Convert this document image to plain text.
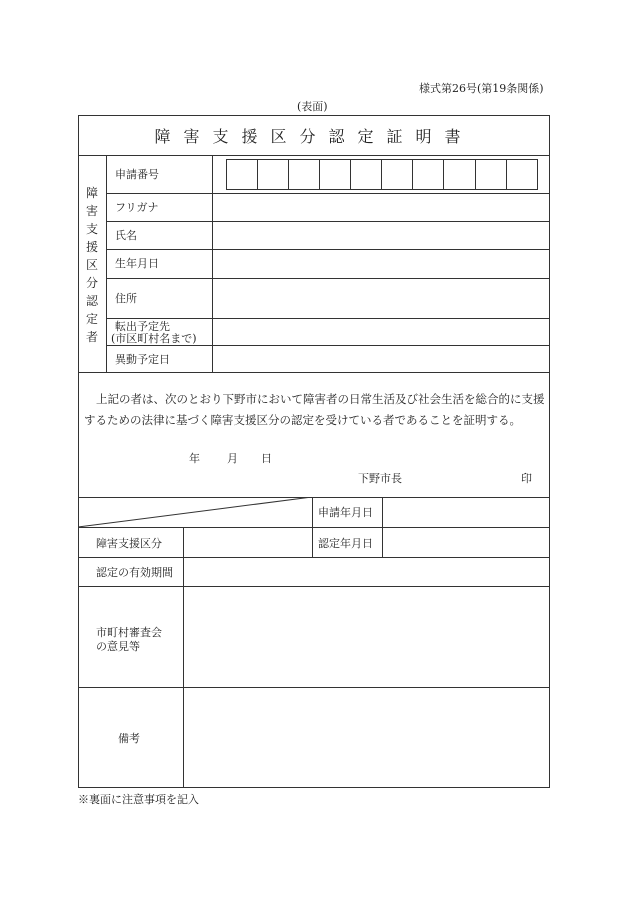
様式第26号(第19条関係)
(表面)
障害支援区分認定証明書
障害支援区分認定者
申請番号
フリガナ
氏名
生年月日
住所
転出予定先
(市区町村名まで)
異動予定日
上記の者は、次のとおり下野市において障害者の日常生活及び社会生活を総合的に支援するための法律に基づく障害支援区分の認定を受けている者であることを証明する。
年 月 日
下野市長	印
申請年月日
障害支援区分	認定年月日
認定の有効期間
市町村審査会
の意見等
備考
※裏面に注意事項を記入
